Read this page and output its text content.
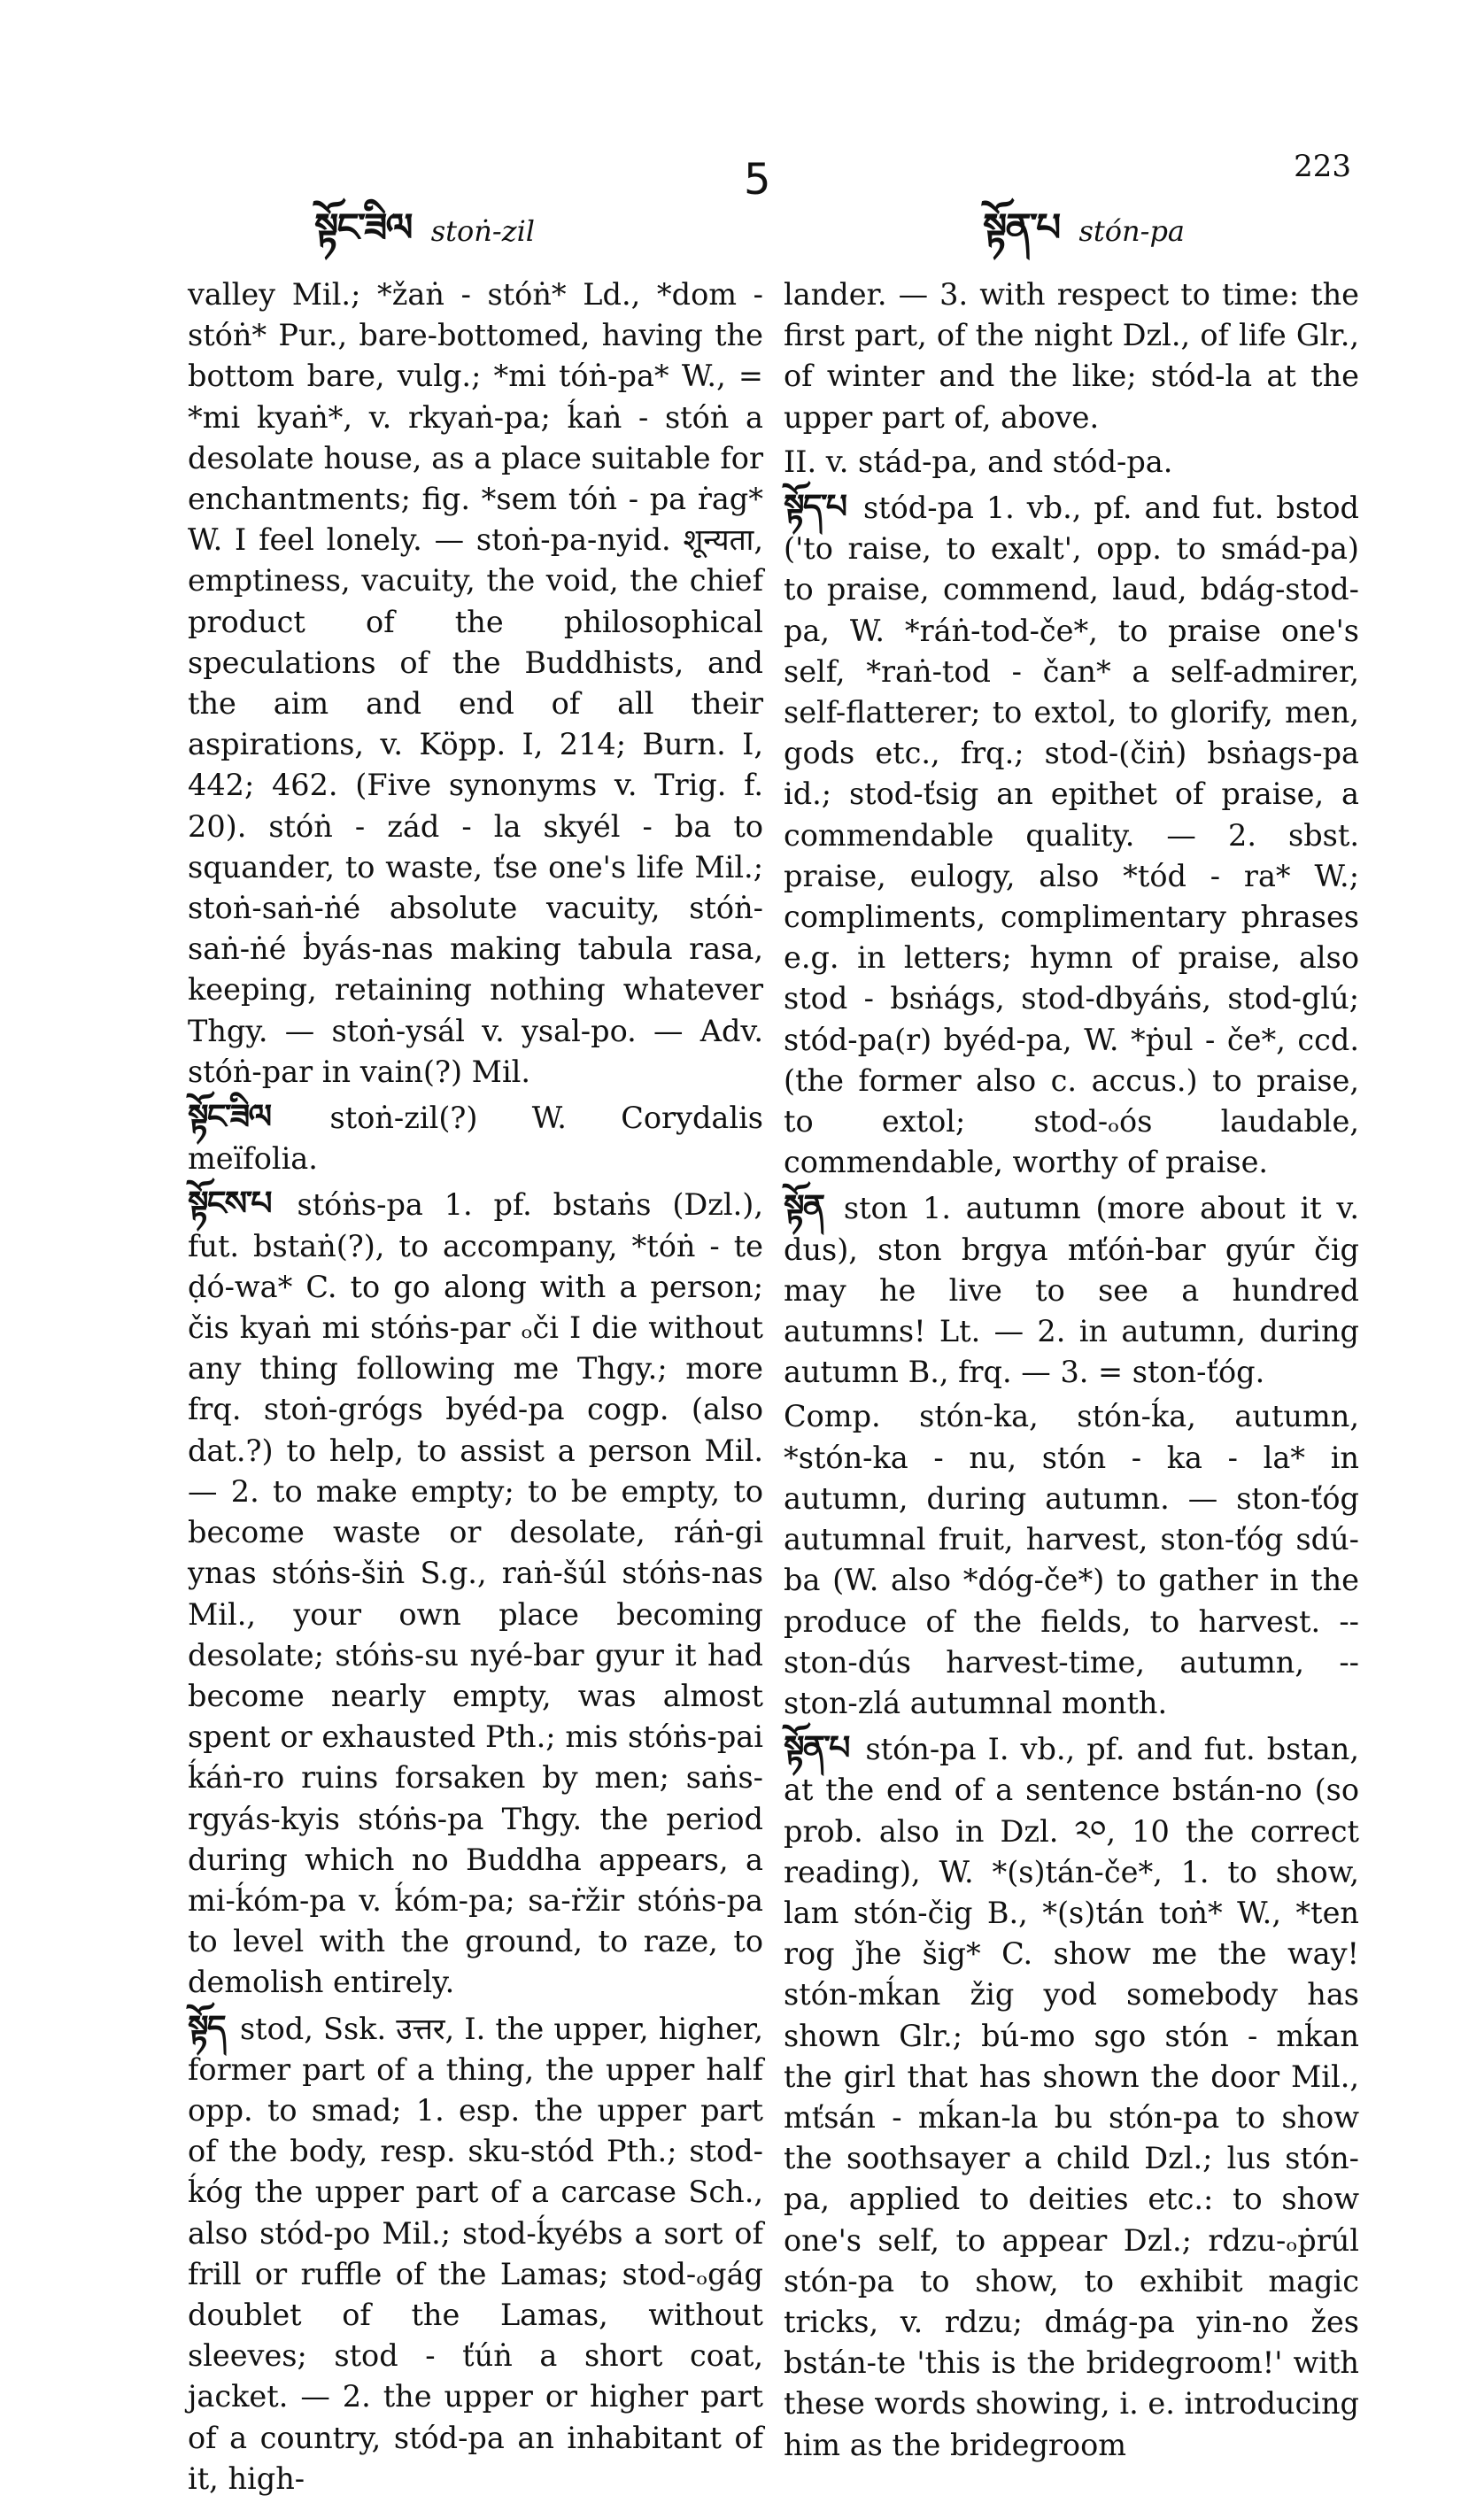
སྟོང་ཟིལ stoṅ-zil
5
སྟོན་པ stón-pa
223

valley Mil.; *žaṅ - stóṅ* Ld., *dom - stóṅ* Pur., bare-bottomed, having the bottom bare, vulg.; *mi tóṅ-pa* W., = *mi kyaṅ*, v. rkyaṅ-pa; ḱaṅ - stóṅ a desolate house, as a place suitable for enchantments; fig. *sem tóṅ - pa ṙag* W. I feel lonely. — stoṅ-pa-nyid. शून्यता, emptiness, vacuity, the void, the chief product of the philosophical speculations of the Buddhists, and the aim and end of all their aspirations, v. Köpp. I, 214; Burn. I, 442; 462. (Five synonyms v. Trig. f. 20). stóṅ - zád - la skyél - ba to squander, to waste, ťse one's life Mil.; stoṅ-saṅ-ṅé absolute vacuity, stóṅ-saṅ-ṅé ḃyás-nas making tabula rasa, keeping, retaining nothing whatever Thgy. — stoṅ-ysál v. ysal-po. — Adv. stóṅ-par in vain(?) Mil.

སྟོང་ཟིལ stoṅ-zil(?) W. Corydalis meïfolia.

སྟོངས་པ stóṅs-pa 1. pf. bstaṅs (Dzl.), fut. bstaṅ(?), to accompany, *tóṅ - te ḍó-wa* C. to go along with a person; čis kyaṅ mi stóṅs-par ₒči I die without any thing following me Thgy.; more frq. stoṅ-grógs byéd-pa cogp. (also dat.?) to help, to assist a person Mil. — 2. to make empty; to be empty, to become waste or desolate, ráṅ-gi ynas stóṅs-šiṅ S.g., raṅ-šúl stóṅs-nas Mil., your own place becoming desolate; stóṅs-su nyé-bar gyur it had become nearly empty, was almost spent or exhausted Pth.; mis stóṅs-pai ḱáṅ-ro ruins forsaken by men; saṅs-rgyás-kyis stóṅs-pa Thgy. the period during which no Buddha appears, a mi-ḱóm-pa v. ḱóm-pa; sa-ṙžir stóṅs-pa to level with the ground, to raze, to demolish entirely.

སྟོད stod, Ssk. उत्तर, I. the upper, higher, former part of a thing, the upper half opp. to smad; 1. esp. the upper part of the body, resp. sku-stód Pth.; stod-ḱóg the upper part of a carcase Sch., also stód-po Mil.; stod-ḱyébs a sort of frill or ruffle of the Lamas; stod-ₒgág doublet of the Lamas, without sleeves; stod - ťúṅ a short coat, jacket. — 2. the upper or higher part of a country, stód-pa an inhabitant of it, high-

lander. — 3. with respect to time: the first part, of the night Dzl., of life Glr., of winter and the like; stód-la at the upper part of, above.

II. v. stád-pa, and stód-pa.

སྟོད་པ stód-pa 1. vb., pf. and fut. bstod ('to raise, to exalt', opp. to smád-pa) to praise, commend, laud, bdág-stod-pa, W. *ráṅ-tod-če*, to praise one's self, *raṅ-tod - čan* a self-admirer, self-flatterer; to extol, to glorify, men, gods etc., frq.; stod-(čiṅ) bsṅags-pa id.; stod-ťsig an epithet of praise, a commendable quality. — 2. sbst. praise, eulogy, also *tód - ra* W.; compliments, complimentary phrases e.g. in letters; hymn of praise, also stod - bsṅágs, stod-dbyáṅs, stod-glú; stód-pa(r) byéd-pa, W. *ṗul - če*, ccd. (the former also c. accus.) to praise, to extol; stod-ₒós laudable, commendable, worthy of praise.

སྟོན ston 1. autumn (more about it v. dus), ston brgya mťóṅ-bar gyúr čig may he live to see a hundred autumns! Lt. — 2. in autumn, during autumn B., frq. — 3. = ston-ťóg.

Comp. stón-ka, stón-ḱa, autumn, *stón-ka - nu, stón - ka - la* in autumn, during autumn. — ston-ťóg autumnal fruit, harvest, ston-ťóg sdú-ba (W. also *dóg-če*) to gather in the produce of the fields, to harvest. -- ston-dús harvest-time, autumn, -- ston-zlá autumnal month.

སྟོན་པ stón-pa I. vb., pf. and fut. bstan, at the end of a sentence bstán-no (so prob. also in Dzl. ༢༠, 10 the correct reading), W. *(s)tán-če*, 1. to show, lam stón-čig B., *(s)tán toṅ* W., *ten rog ǰhe šig* C. show me the way! stón-mḱan žig yod somebody has shown Glr.; bú-mo sgo stón - mḱan the girl that has shown the door Mil., mťsán - mḱan-la bu stón-pa to show the soothsayer a child Dzl.; lus stón-pa, applied to deities etc.: to show one's self, to appear Dzl.; rdzu-ₒṗrúl stón-pa to show, to exhibit magic tricks, v. rdzu; dmág-pa yin-no žes bstán-te 'this is the bridegroom!' with these words showing, i. e. introducing him as the bridegroom
